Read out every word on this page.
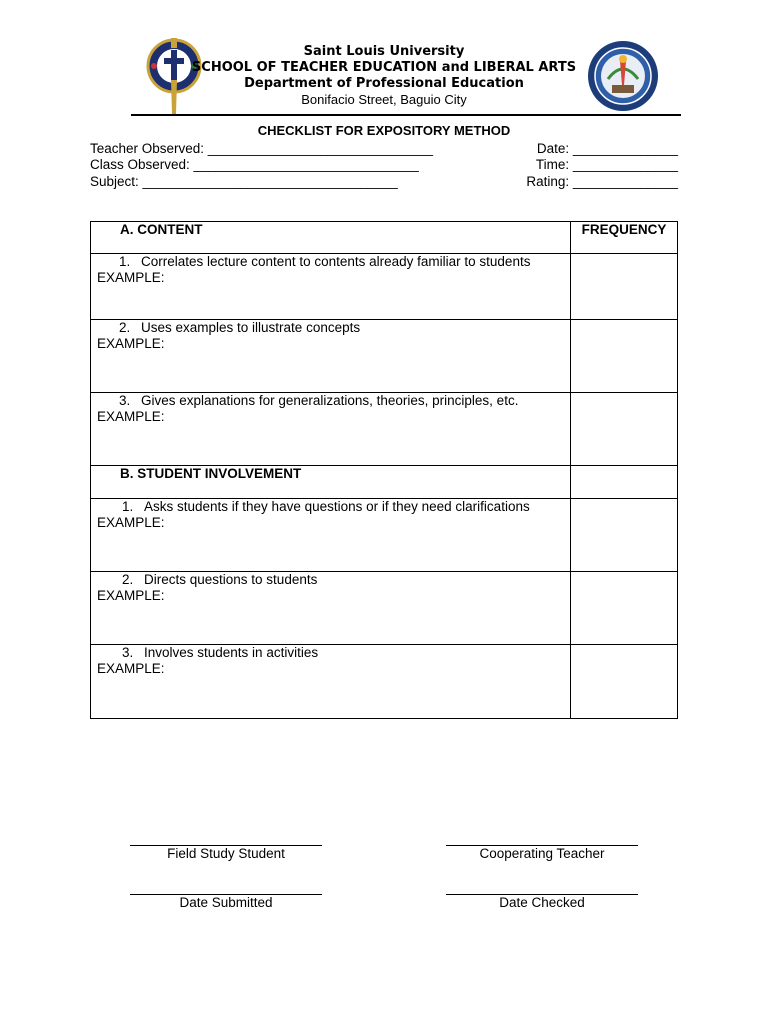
Saint Louis University
SCHOOL OF TEACHER EDUCATION and LIBERAL ARTS
Department of Professional Education
Bonifacio Street, Baguio City
CHECKLIST FOR EXPOSITORY METHOD
Teacher Observed: ______________________________
Class Observed: ______________________________
Subject: __________________________________
Date: ______________
Time: ______________
Rating: ______________
A. CONTENT	FREQUENCY

1. Correlates lecture content to contents already familiar to students
EXAMPLE:	

2. Uses examples to illustrate concepts
EXAMPLE:	

3. Gives explanations for generalizations, theories, principles, etc.
EXAMPLE:	

B. STUDENT INVOLVEMENT	

1. Asks students if they have questions or if they need clarifications
EXAMPLE:	

2. Directs questions to students
EXAMPLE:	

3. Involves students in activities
EXAMPLE:	

Field Study Student	Cooperating Teacher
Date Submitted	Date Checked
